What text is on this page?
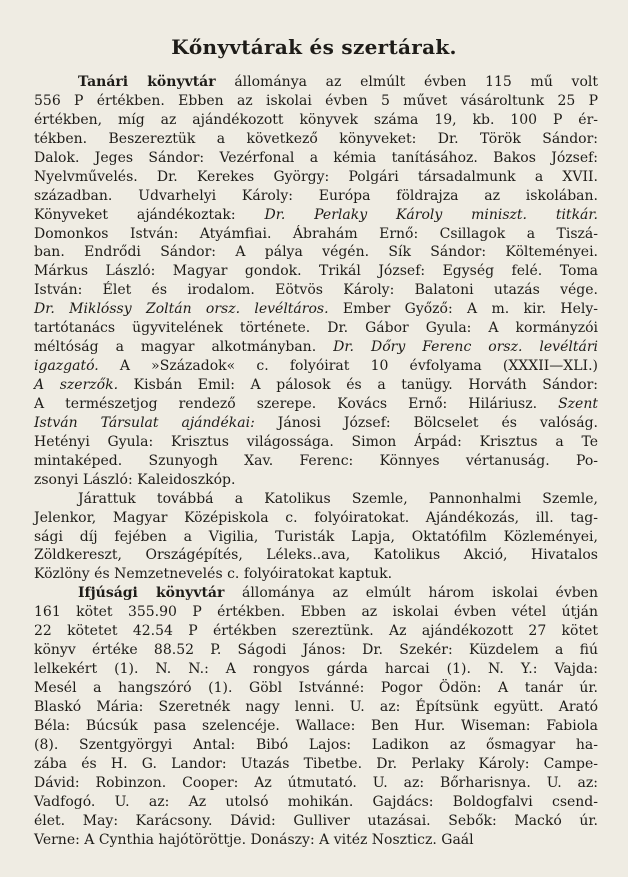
Kőnyvtárak és szertárak.
Tanári könyvtár állománya az elmúlt évben 115 mű volt
556 P értékben. Ebben az iskolai évben 5 művet vásároltunk 25 P
értékben, míg az ajándékozott könyvek száma 19, kb. 100 P ér-
tékben. Beszereztük a következő könyveket: Dr. Török Sándor:
Dalok. Jeges Sándor: Vezérfonal a kémia tanításához. Bakos József:
Nyelvművelés. Dr. Kerekes György: Polgári társadalmunk a XVII.
században. Udvarhelyi Károly: Európa földrajza az iskolában.
Könyveket ajándékoztak: Dr. Perlaky Károly miniszt. titkár.
Domonkos István: Atyámfiai. Ábrahám Ernő: Csillagok a Tiszá-
ban. Endrődi Sándor: A pálya végén. Sík Sándor: Költeményei.
Márkus László: Magyar gondok. Trikál József: Egység felé. Toma
István: Élet és irodalom. Eötvös Károly: Balatoni utazás vége.
Dr. Miklóssy Zoltán orsz. levéltáros. Ember Győző: A m. kir. Hely-
tartótanács ügyvitelének története. Dr. Gábor Gyula: A kormányzói
méltóság a magyar alkotmányban. Dr. Dőry Ferenc orsz. levéltári
igazgató. A »Századok« c. folyóirat 10 évfolyama (XXXII—XLI.)
A szerzők. Kisbán Emil: A pálosok és a tanügy. Horváth Sándor:
A természetjog rendező szerepe. Kovács Ernő: Hiláriusz. Szent
István Társulat ajándékai: Jánosi József: Bölcselet és valóság.
Hetényi Gyula: Krisztus világossága. Simon Árpád: Krisztus a Te
mintaképed. Szunyogh Xav. Ferenc: Könnyes vértanuság. Po-
zsonyi László: Kaleidoszkóp.
Járattuk továbbá a Katolikus Szemle, Pannonhalmi Szemle,
Jelenkor, Magyar Középiskola c. folyóiratokat. Ajándékozás, ill. tag-
sági díj fejében a Vigilia, Turisták Lapja, Oktatófilm Közleményei,
Zöldkereszt, Országépítés, Léleks..ava, Katolikus Akció, Hivatalos
Közlöny és Nemzetnevelés c. folyóiratokat kaptuk.
Ifjúsági könyvtár állománya az elmúlt három iskolai évben
161 kötet 355.90 P értékben. Ebben az iskolai évben vétel útján
22 kötetet 42.54 P értékben szereztünk. Az ajándékozott 27 kötet
könyv értéke 88.52 P. Ságodi János: Dr. Szekér: Küzdelem a fiú
lelkekért (1). N. N.: A rongyos gárda harcai (1). N. Y.: Vajda:
Mesél a hangszóró (1). Göbl Istvánné: Pogor Ödön: A tanár úr.
Blaskó Mária: Szeretnék nagy lenni. U. az: Építsünk együtt. Arató
Béla: Búcsúk pasa szelencéje. Wallace: Ben Hur. Wiseman: Fabiola
(8). Szentgyörgyi Antal: Bibó Lajos: Ladikon az ősmagyar ha-
zába és H. G. Landor: Utazás Tibetbe. Dr. Perlaky Károly: Campe-
Dávid: Robinzon. Cooper: Az útmutató. U. az: Bőrharisnya. U. az:
Vadfogó. U. az: Az utolsó mohikán. Gajdács: Boldogfalvi csend-
élet. May: Karácsony. Dávid: Gulliver utazásai. Sebők: Mackó úr.
Verne: A Cynthia hajótöröttje. Donászy: A vitéz Noszticz. Gaál
